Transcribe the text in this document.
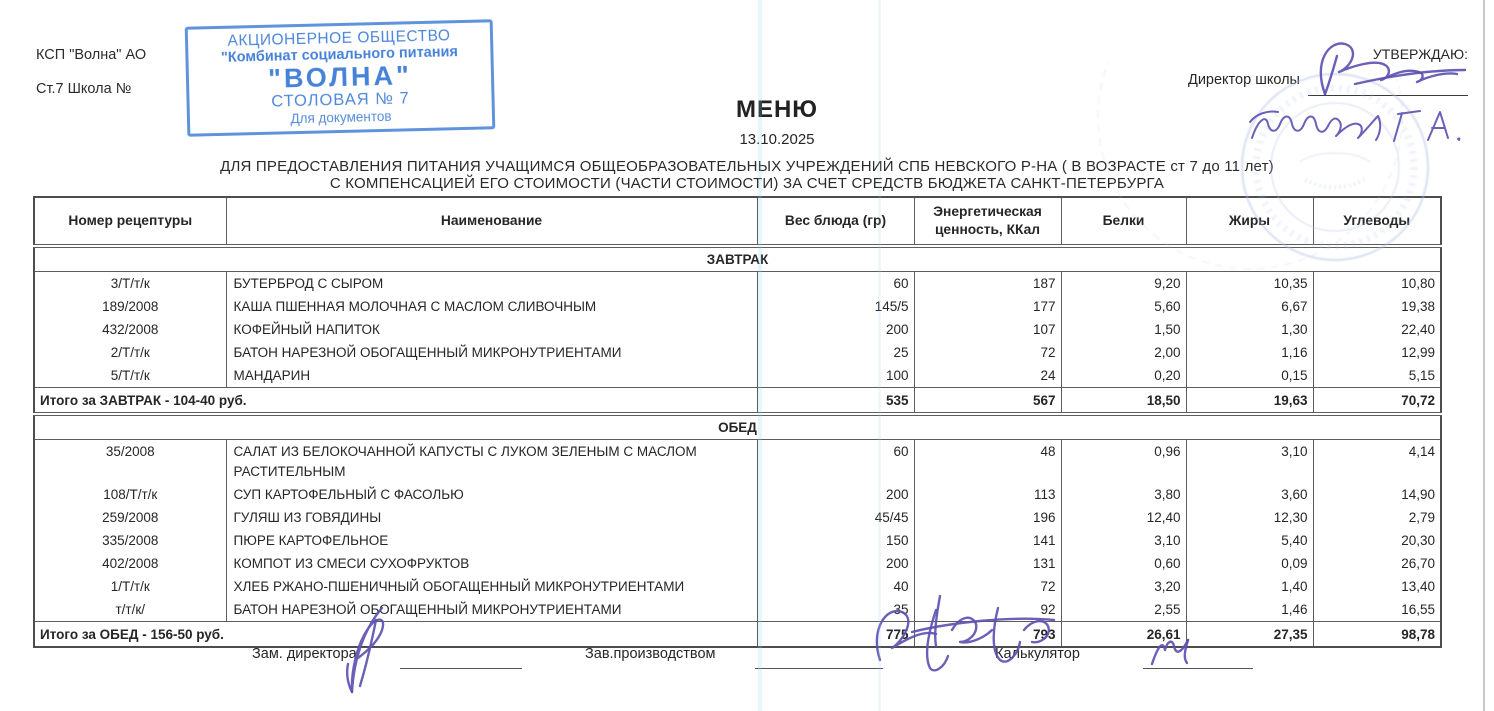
КСП "Волна" АО
Ст.7 Школа №
АКЦИОНЕРНОЕ ОБЩЕСТВО
"Комбинат социального питания
"ВОЛНА"
СТОЛОВАЯ № 7
Для документов
УТВЕРЖДАЮ:
Директор школы
МЕНЮ
13.10.2025
ДЛЯ ПРЕДОСТАВЛЕНИЯ ПИТАНИЯ УЧАЩИМСЯ ОБЩЕОБРАЗОВАТЕЛЬНЫХ УЧРЕЖДЕНИЙ СПБ НЕВСКОГО Р-НА ( В ВОЗРАСТЕ ст 7 до 11 лет)
С КОМПЕНСАЦИЕЙ ЕГО СТОИМОСТИ (ЧАСТИ СТОИМОСТИ) ЗА СЧЕТ СРЕДСТВ БЮДЖЕТА САНКТ-ПЕТЕРБУРГА
Номер рецептуры	Наименование	Вес блюда (гр)	Энергетическая ценность, ККал	Белки	Жиры	Углеводы
ЗАВТРАК						
3/Т/т/к	БУТЕРБРОД С СЫРОМ	60	187	9,20	10,35	10,80
189/2008	КАША ПШЕННАЯ МОЛОЧНАЯ С МАСЛОМ СЛИВОЧНЫМ	145/5	177	5,60	6,67	19,38
432/2008	КОФЕЙНЫЙ НАПИТОК	200	107	1,50	1,30	22,40
2/Т/т/к	БАТОН НАРЕЗНОЙ ОБОГАЩЕННЫЙ МИКРОНУТРИЕНТАМИ	25	72	2,00	1,16	12,99
5/Т/т/к	МАНДАРИН	100	24	0,20	0,15	5,15
Итого за ЗАВТРАК - 104-40 руб.		535	567	18,50	19,63	70,72
ОБЕД						
35/2008	САЛАТ ИЗ БЕЛОКОЧАННОЙ КАПУСТЫ С ЛУКОМ ЗЕЛЕНЫМ С МАСЛОМ РАСТИТЕЛЬНЫМ	60	48	0,96	3,10	4,14
108/Т/т/к	СУП КАРТОФЕЛЬНЫЙ С ФАСОЛЬЮ	200	113	3,80	3,60	14,90
259/2008	ГУЛЯШ ИЗ ГОВЯДИНЫ	45/45	196	12,40	12,30	2,79
335/2008	ПЮРЕ КАРТОФЕЛЬНОЕ	150	141	3,10	5,40	20,30
402/2008	КОМПОТ ИЗ СМЕСИ СУХОФРУКТОВ	200	131	0,60	0,09	26,70
1/Т/т/к	ХЛЕБ РЖАНО-ПШЕНИЧНЫЙ ОБОГАЩЕННЫЙ МИКРОНУТРИЕНТАМИ	40	72	3,20	1,40	13,40
т/т/к/	БАТОН НАРЕЗНОЙ ОБОГАЩЕННЫЙ МИКРОНУТРИЕНТАМИ	35	92	2,55	1,46	16,55
Итого за ОБЕД - 156-50 руб.		775	793	26,61	27,35	98,78
Зам. директора	Зав.производством	Калькулятор
